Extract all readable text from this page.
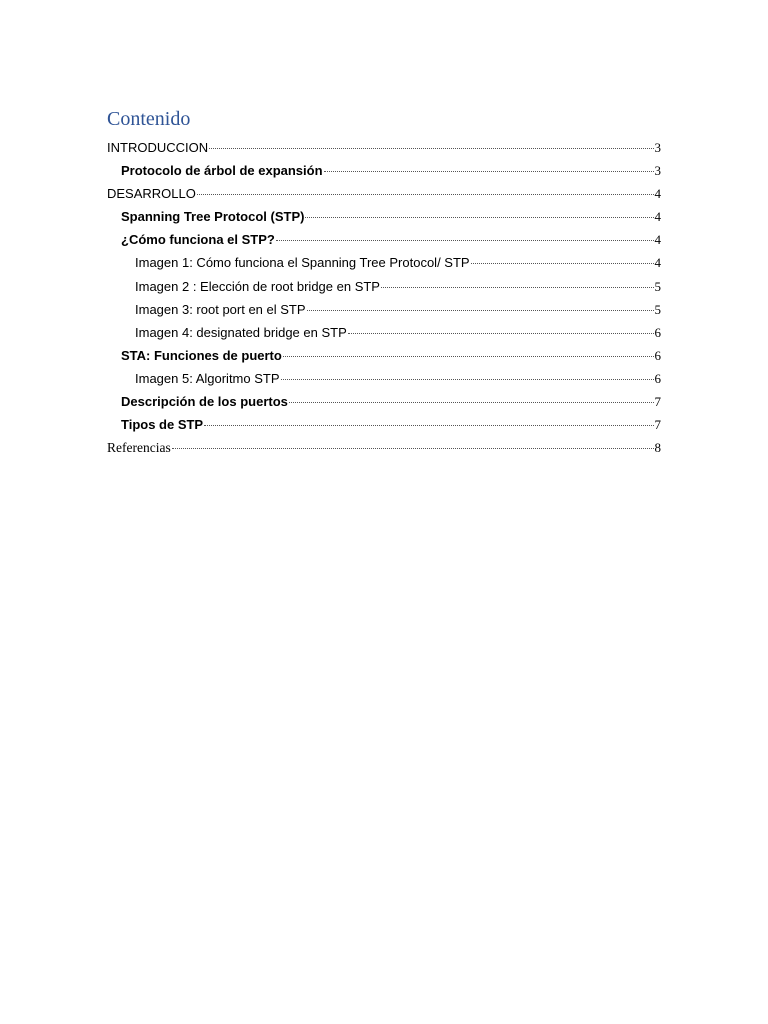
Contenido
INTRODUCCION	3
Protocolo de árbol de expansión	3
DESARROLLO	4
Spanning Tree Protocol (STP)	4
¿Cómo funciona el STP?	4
Imagen 1: Cómo funciona el Spanning Tree Protocol/ STP	4
Imagen 2 : Elección de root bridge en STP	5
Imagen 3: root port en el STP	5
Imagen 4: designated bridge en STP	6
STA: Funciones de puerto	6
Imagen 5: Algoritmo STP	6
Descripción de los puertos	7
Tipos de STP	7
Referencias	8
